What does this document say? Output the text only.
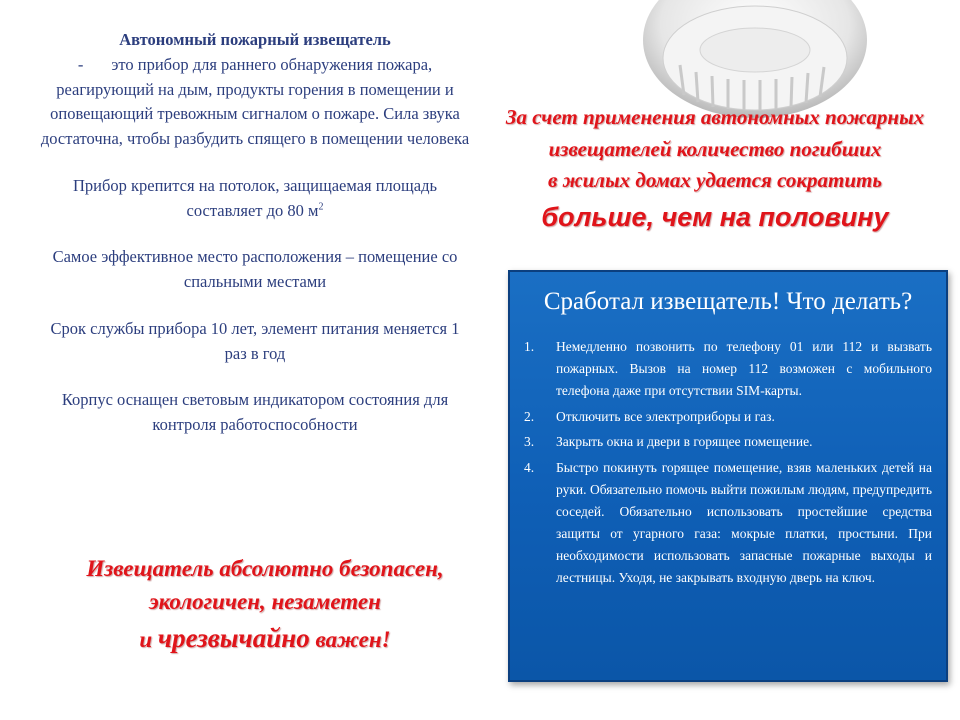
Автономный пожарный извещатель
- это прибор для раннего обнаружения пожара, реагирующий на дым, продукты горения в помещении и оповещающий тревожным сигналом о пожаре. Сила звука достаточна, чтобы разбудить спящего в помещении человека

Прибор крепится на потолок, защищаемая площадь составляет до 80 $м^2$

Самое эффективное место расположения – помещение со спальными местами

Срок службы прибора 10 лет, элемент питания меняется 1 раз в год

Корпус оснащен световым индикатором состояния для контроля работоспособности

Извещатель абсолютно безопасен,
экологичен, незаметен
и чрезвычайно важен!
За счет применения автономных пожарных
извещателей количество погибших
в жилых домах удается сократить
больше, чем на половину
Сработал извещатель! Что делать?
1.	Немедленно позвонить по телефону 01 или 112 и вызвать пожарных. Вызов на номер 112 возможен с мобильного телефона даже при отсутствии SIM-карты.
2.	Отключить все электроприборы и газ.
3.	Закрыть окна и двери в горящее помещение.
4.	Быстро покинуть горящее помещение, взяв маленьких детей на руки. Обязательно помочь выйти пожилым людям, предупредить соседей. Обязательно использовать простейшие средства защиты от угарного газа: мокрые платки, простыни. При необходимости использовать запасные пожарные выходы и лестницы. Уходя, не закрывать входную дверь на ключ.
